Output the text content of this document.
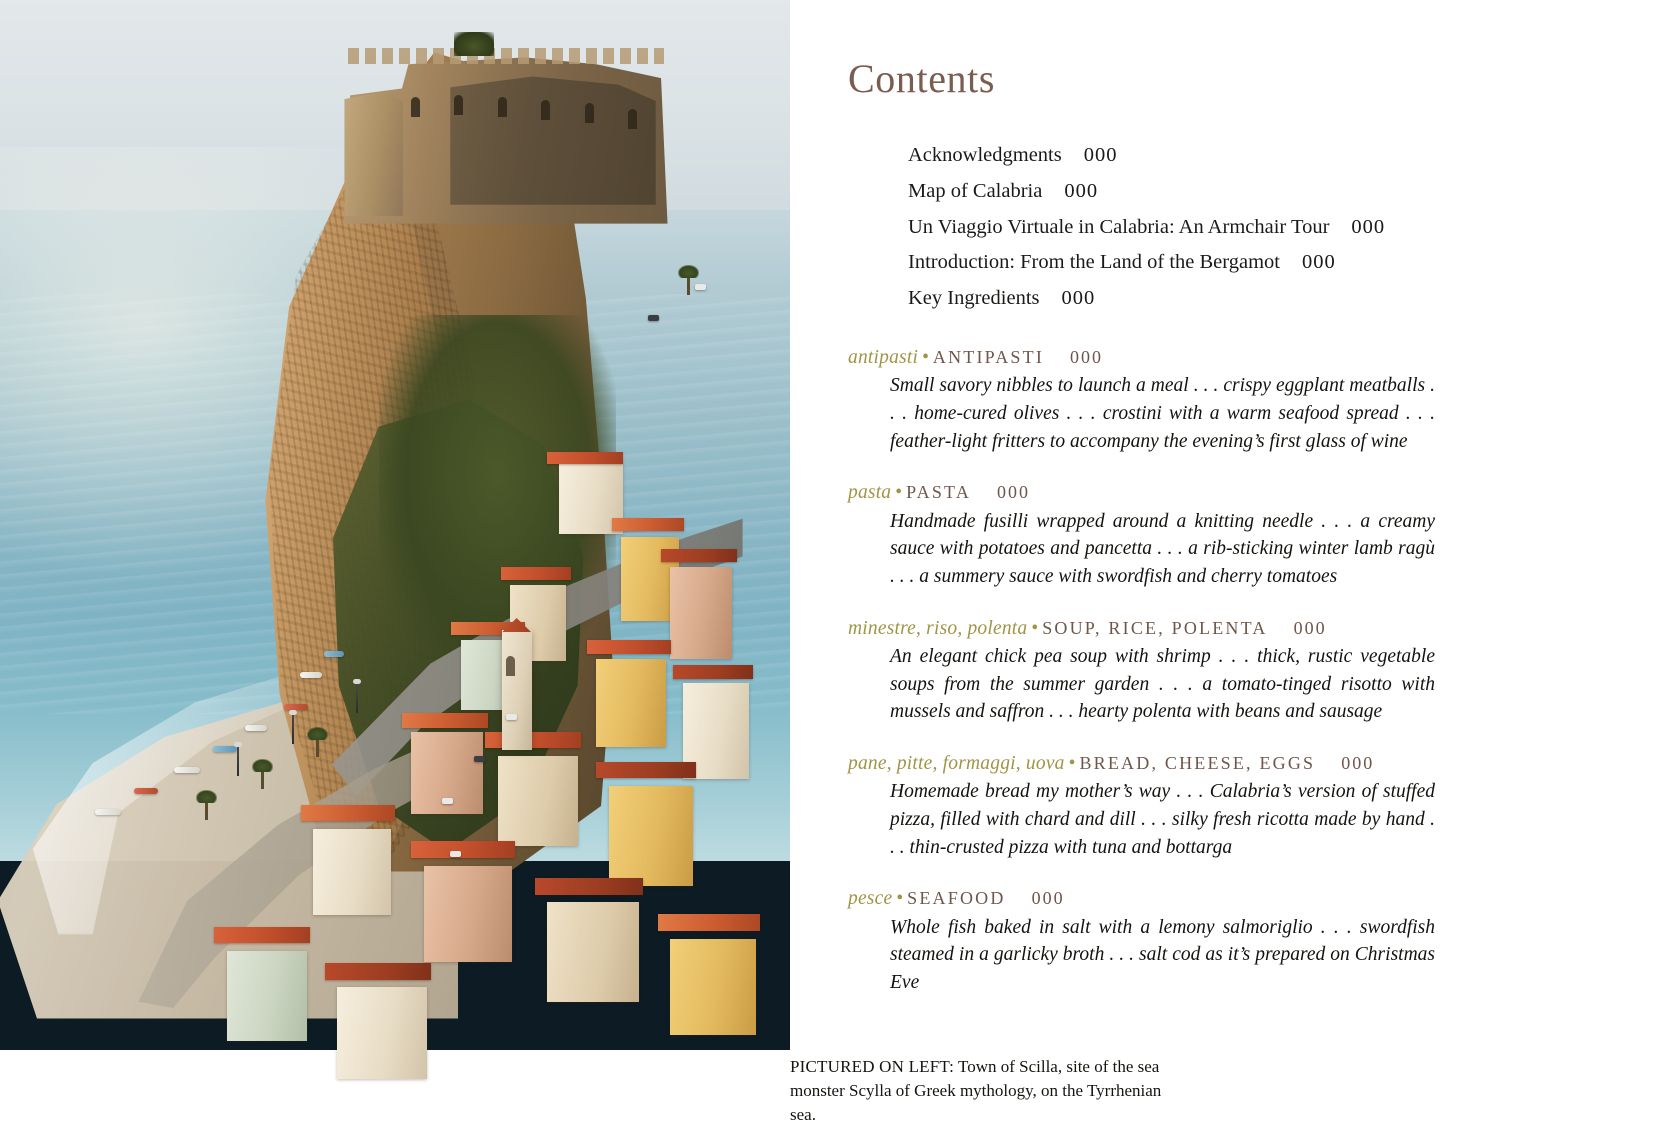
Contents
Acknowledgments 000
Map of Calabria 000
Un Viaggio Virtuale in Calabria: An Armchair Tour 000
Introduction: From the Land of the Bergamot 000
Key Ingredients 000
antipasti • ANTIPASTI 000
Small savory nibbles to launch a meal . . . crispy eggplant meatballs . . . home-cured olives . . . crostini with a warm seafood spread . . . feather-light fritters to accompany the evening’s first glass of wine
pasta • PASTA 000
Handmade fusilli wrapped around a knitting needle . . . a creamy sauce with potatoes and pancetta . . . a rib-sticking winter lamb ragù . . . a summery sauce with swordfish and cherry tomatoes
minestre, riso, polenta • SOUP, RICE, POLENTA 000
An elegant chick pea soup with shrimp . . . thick, rustic vegetable soups from the summer garden . . . a tomato-tinged risotto with mussels and saffron . . . hearty polenta with beans and sausage
pane, pitte, formaggi, uova • BREAD, CHEESE, EGGS 000
Homemade bread my mother’s way . . . Calabria’s version of stuffed pizza, filled with chard and dill . . . silky fresh ricotta made by hand . . . thin-crusted pizza with tuna and bottarga
pesce • SEAFOOD 000
Whole fish baked in salt with a lemony salmoriglio . . . swordfish steamed in a garlicky broth . . . salt cod as it’s prepared on Christmas Eve
PICTURED ON LEFT: Town of Scilla, site of the sea monster Scylla of Greek mythology, on the Tyrrhenian sea.
